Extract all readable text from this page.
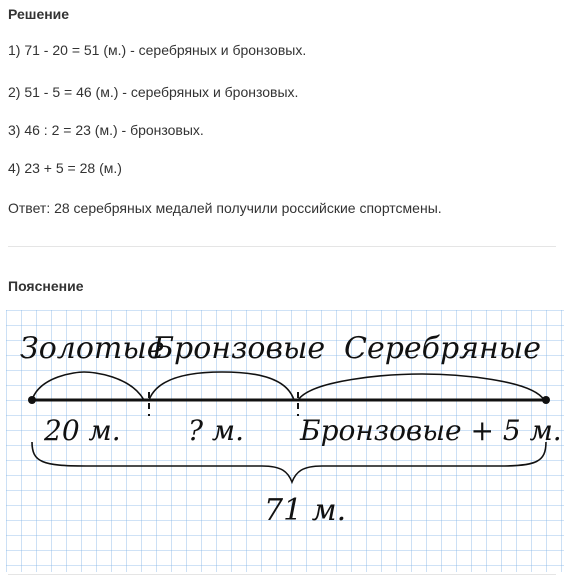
Решение

1) 71 - 20 = 51 (м.) - серебряных и бронзовых.

2) 51 - 5 = 46 (м.) - серебряных и бронзовых.

3) 46 : 2 = 23 (м.) - бронзовых.

4) 23 + 5 = 28 (м.)

Ответ: 28 серебряных медалей получили российские спортсмены.

Пояснение
Золотые
Бронзовые Серебряные
20 м. ? м. Бронзовые + 5 м.
71 м.
